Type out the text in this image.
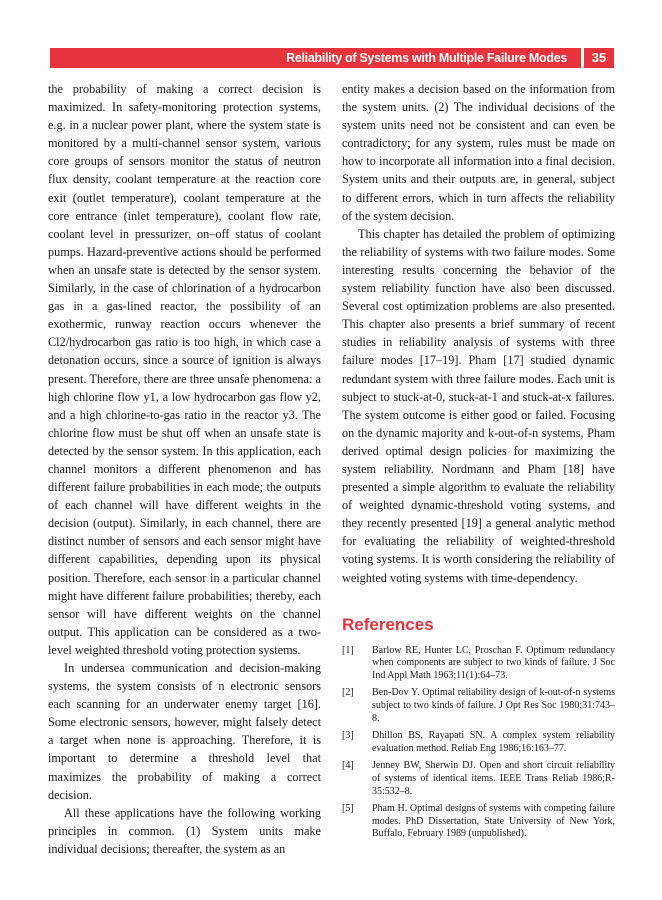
Reliability of Systems with Multiple Failure Modes	35

the probability of making a correct decision is maximized. In safety-monitoring protection systems, e.g. in a nuclear power plant, where the system state is monitored by a multi-channel sensor system, various core groups of sensors monitor the status of neutron flux density, coolant temperature at the reaction core exit (outlet temperature), coolant temperature at the core entrance (inlet temperature), coolant flow rate, coolant level in pressurizer, on–off status of coolant pumps. Hazard-preventive actions should be performed when an unsafe state is detected by the sensor system. Similarly, in the case of chlorination of a hydrocarbon gas in a gas-lined reactor, the possibility of an exothermic, runway reaction occurs whenever the Cl2/hydrocarbon gas ratio is too high, in which case a detonation occurs, since a source of ignition is always present. Therefore, there are three unsafe phenomena: a high chlorine flow y1, a low hydrocarbon gas flow y2, and a high chlorine-to-gas ratio in the reactor y3. The chlorine flow must be shut off when an unsafe state is detected by the sensor system. In this application, each channel monitors a different phenomenon and has different failure probabilities in each mode; the outputs of each channel will have different weights in the decision (output). Similarly, in each channel, there are distinct number of sensors and each sensor might have different capabilities, depending upon its physical position. Therefore, each sensor in a particular channel might have different failure probabilities; thereby, each sensor will have different weights on the channel output. This application can be considered as a two-level weighted threshold voting protection systems.

In undersea communication and decision-making systems, the system consists of n electronic sensors each scanning for an underwater enemy target [16]. Some electronic sensors, however, might falsely detect a target when none is approaching. Therefore, it is important to determine a threshold level that maximizes the probability of making a correct decision.

All these applications have the following working principles in common. (1) System units make individual decisions; thereafter, the system as an

entity makes a decision based on the information from the system units. (2) The individual decisions of the system units need not be consistent and can even be contradictory; for any system, rules must be made on how to incorporate all information into a final decision. System units and their outputs are, in general, subject to different errors, which in turn affects the reliability of the system decision.

This chapter has detailed the problem of optimizing the reliability of systems with two failure modes. Some interesting results concerning the behavior of the system reliability function have also been discussed. Several cost optimization problems are also presented. This chapter also presents a brief summary of recent studies in reliability analysis of systems with three failure modes [17–19]. Pham [17] studied dynamic redundant system with three failure modes. Each unit is subject to stuck-at-0, stuck-at-1 and stuck-at-x failures. The system outcome is either good or failed. Focusing on the dynamic majority and k-out-of-n systems, Pham derived optimal design policies for maximizing the system reliability. Nordmann and Pham [18] have presented a simple algorithm to evaluate the reliability of weighted dynamic-threshold voting systems, and they recently presented [19] a general analytic method for evaluating the reliability of weighted-threshold voting systems. It is worth considering the reliability of weighted voting systems with time-dependency.

References
[1] Barlow RE, Hunter LC, Proschan F. Optimum redundancy when components are subject to two kinds of failure. J Soc Ind Appl Math 1963;11(1):64–73.
[2] Ben-Dov Y. Optimal reliability design of k-out-of-n systems subject to two kinds of failure. J Opt Res Soc 1980;31:743–8.
[3] Dhillon BS, Rayapati SN. A complex system reliability evaluation method. Reliab Eng 1986;16:163–77.
[4] Jenney BW, Sherwin DJ. Open and short circuit reliability of systems of identical items. IEEE Trans Reliab 1986;R-35:532–8.
[5] Pham H. Optimal designs of systems with competing failure modes. PhD Dissertation, State University of New York, Buffalo, February 1989 (unpublished).
